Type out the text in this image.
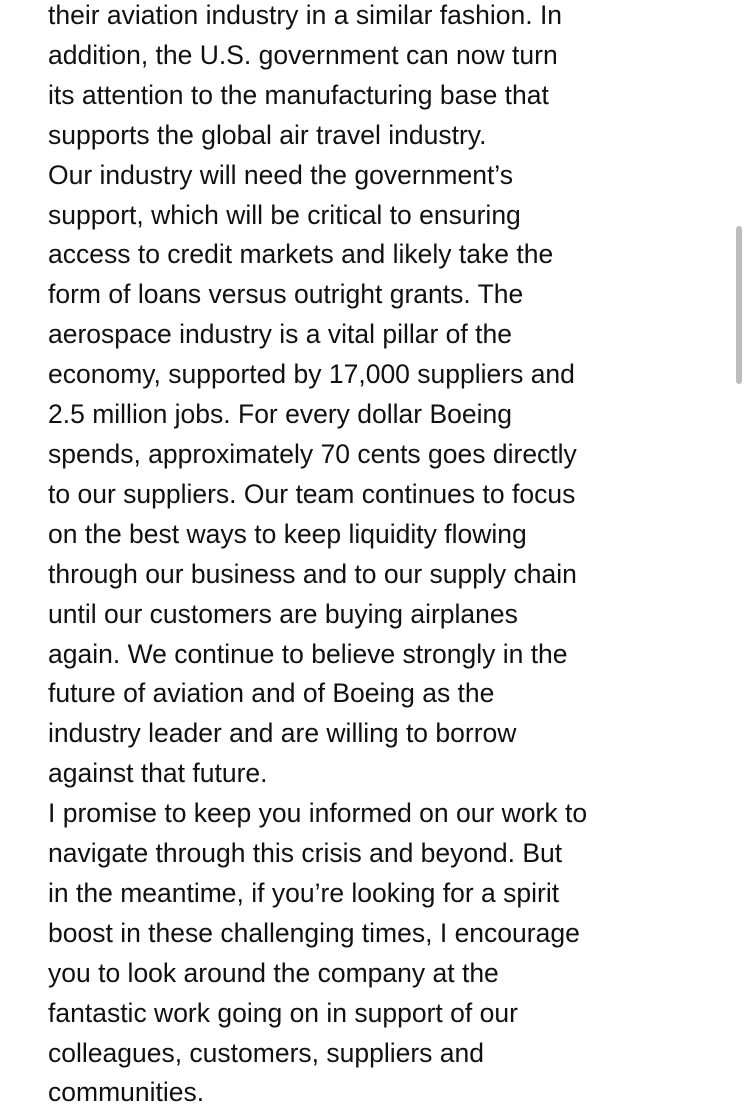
their aviation industry in a similar fashion. In
addition, the U.S. government can now turn
its attention to the manufacturing base that
supports the global air travel industry.
Our industry will need the government’s
support, which will be critical to ensuring
access to credit markets and likely take the
form of loans versus outright grants. The
aerospace industry is a vital pillar of the
economy, supported by 17,000 suppliers and
2.5 million jobs. For every dollar Boeing
spends, approximately 70 cents goes directly
to our suppliers. Our team continues to focus
on the best ways to keep liquidity flowing
through our business and to our supply chain
until our customers are buying airplanes
again. We continue to believe strongly in the
future of aviation and of Boeing as the
industry leader and are willing to borrow
against that future.
I promise to keep you informed on our work to
navigate through this crisis and beyond. But
in the meantime, if you’re looking for a spirit
boost in these challenging times, I encourage
you to look around the company at the
fantastic work going on in support of our
colleagues, customers, suppliers and
communities.
